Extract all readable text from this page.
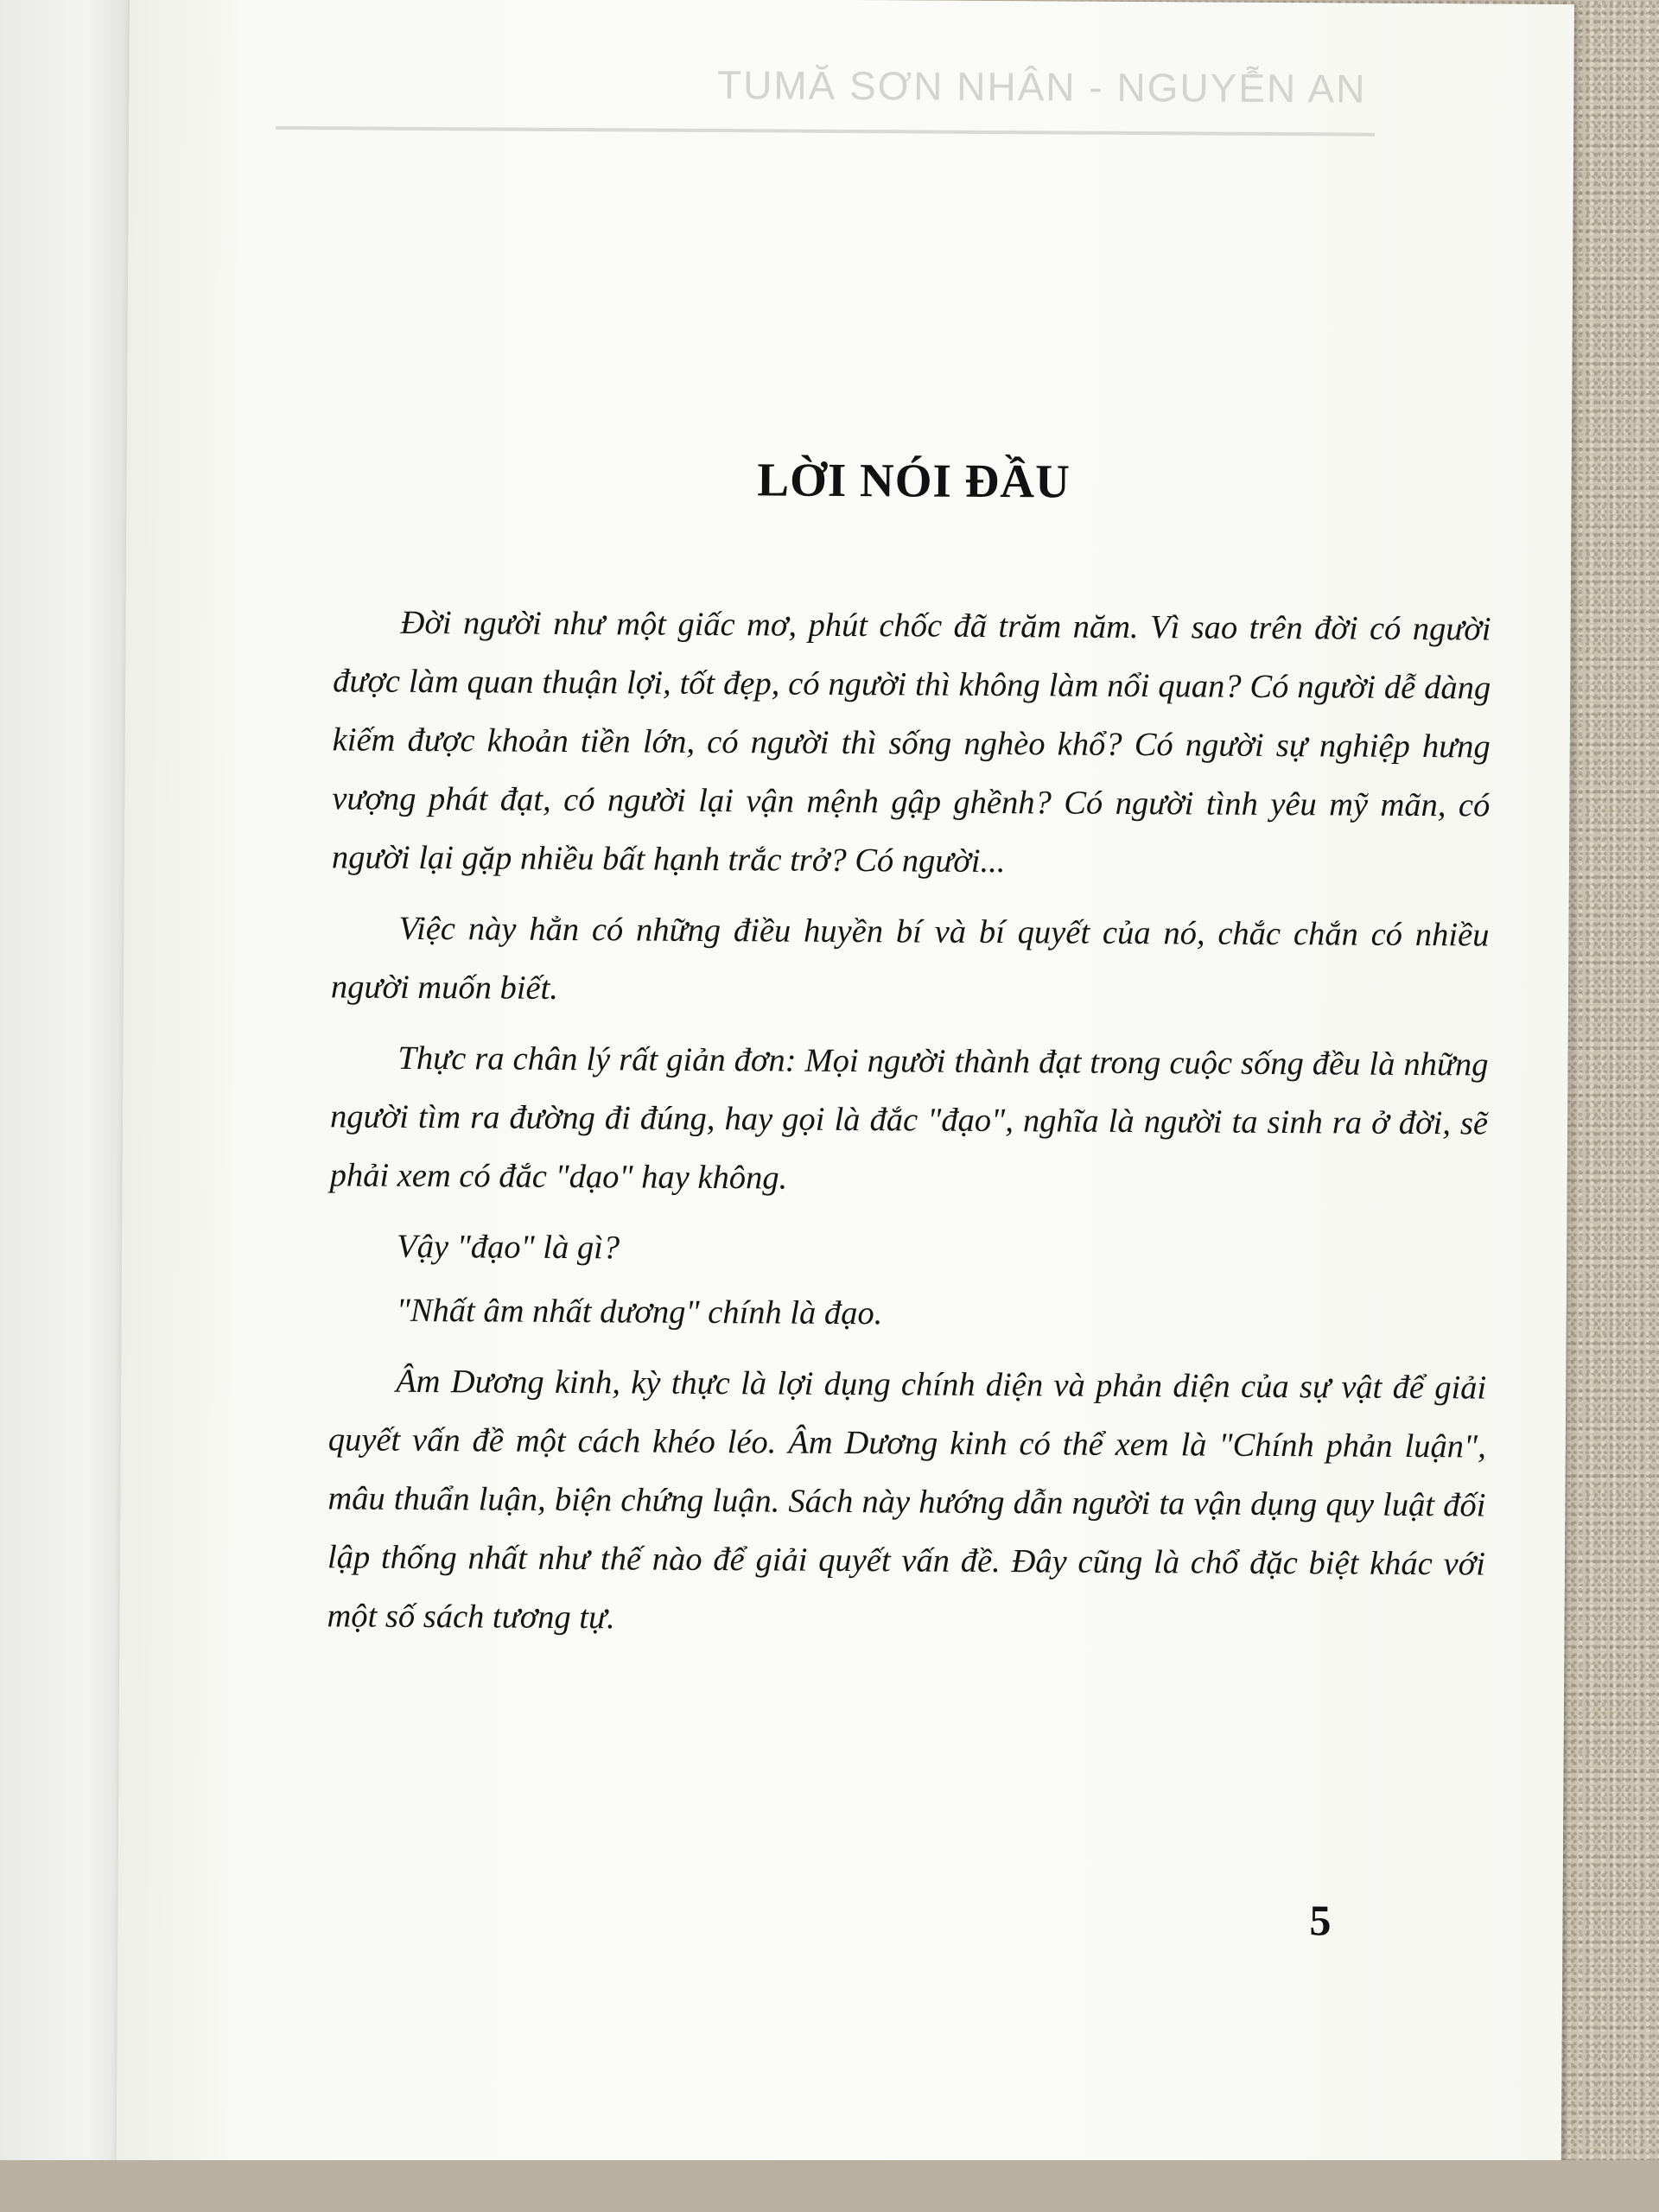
TUMĂ SƠN NHÂN - NGUYỄN AN
LỜI NÓI ĐẦU

Đời người như một giấc mơ, phút chốc đã trăm năm. Vì sao trên đời có người được làm quan thuận lợi, tốt đẹp, có người thì không làm nổi quan? Có người dễ dàng kiếm được khoản tiền lớn, có người thì sống nghèo khổ? Có người sự nghiệp hưng vượng phát đạt, có người lại vận mệnh gập ghềnh? Có người tình yêu mỹ mãn, có người lại gặp nhiều bất hạnh trắc trở? Có người...

Việc này hẳn có những điều huyền bí và bí quyết của nó, chắc chắn có nhiều người muốn biết.

Thực ra chân lý rất giản đơn: Mọi người thành đạt trong cuộc sống đều là những người tìm ra đường đi đúng, hay gọi là đắc "đạo", nghĩa là người ta sinh ra ở đời, sẽ phải xem có đắc "dạo" hay không.

Vậy "đạo" là gì?

"Nhất âm nhất dương" chính là đạo.

Âm Dương kinh, kỳ thực là lợi dụng chính diện và phản diện của sự vật để giải quyết vấn đề một cách khéo léo. Âm Dương kinh có thể xem là "Chính phản luận", mâu thuẩn luận, biện chứng luận. Sách này hướng dẫn người ta vận dụng quy luật đối lập thống nhất như thế nào để giải quyết vấn đề. Đây cũng là chổ đặc biệt khác với một số sách tương tự.

5
